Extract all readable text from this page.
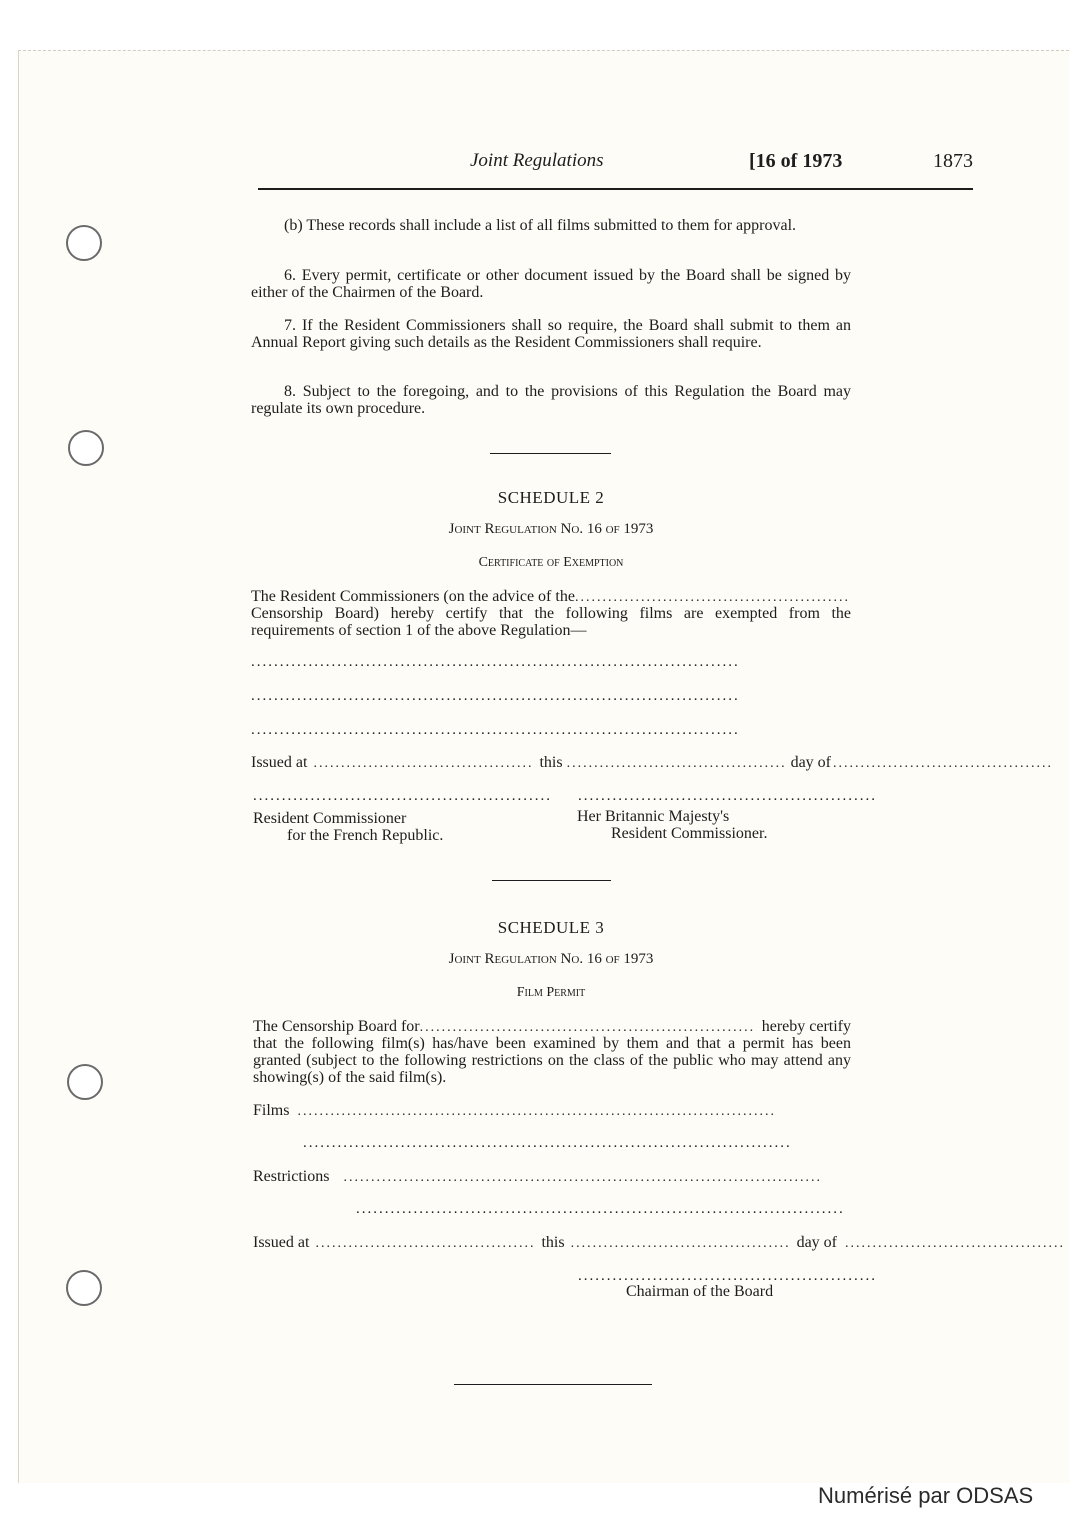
Joint Regulations	[16 of 1973	1873
(b) These records shall include a list of all films submitted to them for approval.
6. Every permit, certificate or other document issued by the Board shall be signed by either of the Chairmen of the Board.
7. If the Resident Commissioners shall so require, the Board shall submit to them an Annual Report giving such details as the Resident Commissioners shall require.
8. Subject to the foregoing, and to the provisions of this Regulation the Board may regulate its own procedure.
SCHEDULE 2
Joint Regulation No. 16 of 1973
Certificate of Exemption
The Resident Commissioners (on the advice of the ..................................................
Censorship Board) hereby certify that the following films are exempted from the requirements of section 1 of the above Regulation—
.....................................................................................
.....................................................................................
.....................................................................................
Issued at ........................................ this ........................................ day of ........................................
.................................................... ....................................................
Resident Commissioner
for the French Republic.
Her Britannic Majesty's
Resident Commissioner.
SCHEDULE 3
Joint Regulation No. 16 of 1973
Film Permit
The Censorship Board for ............................................................. hereby certify
that the following film(s) has/have been examined by them and that a permit has been granted (subject to the following restrictions on the class of the public who may attend any showing(s) of the said film(s).
Films .......................................................................................
.....................................................................................
Restrictions .......................................................................................
.....................................................................................
Issued at ........................................ this ........................................ day of ........................................
....................................................
Chairman of the Board
Numérisé par ODSAS
